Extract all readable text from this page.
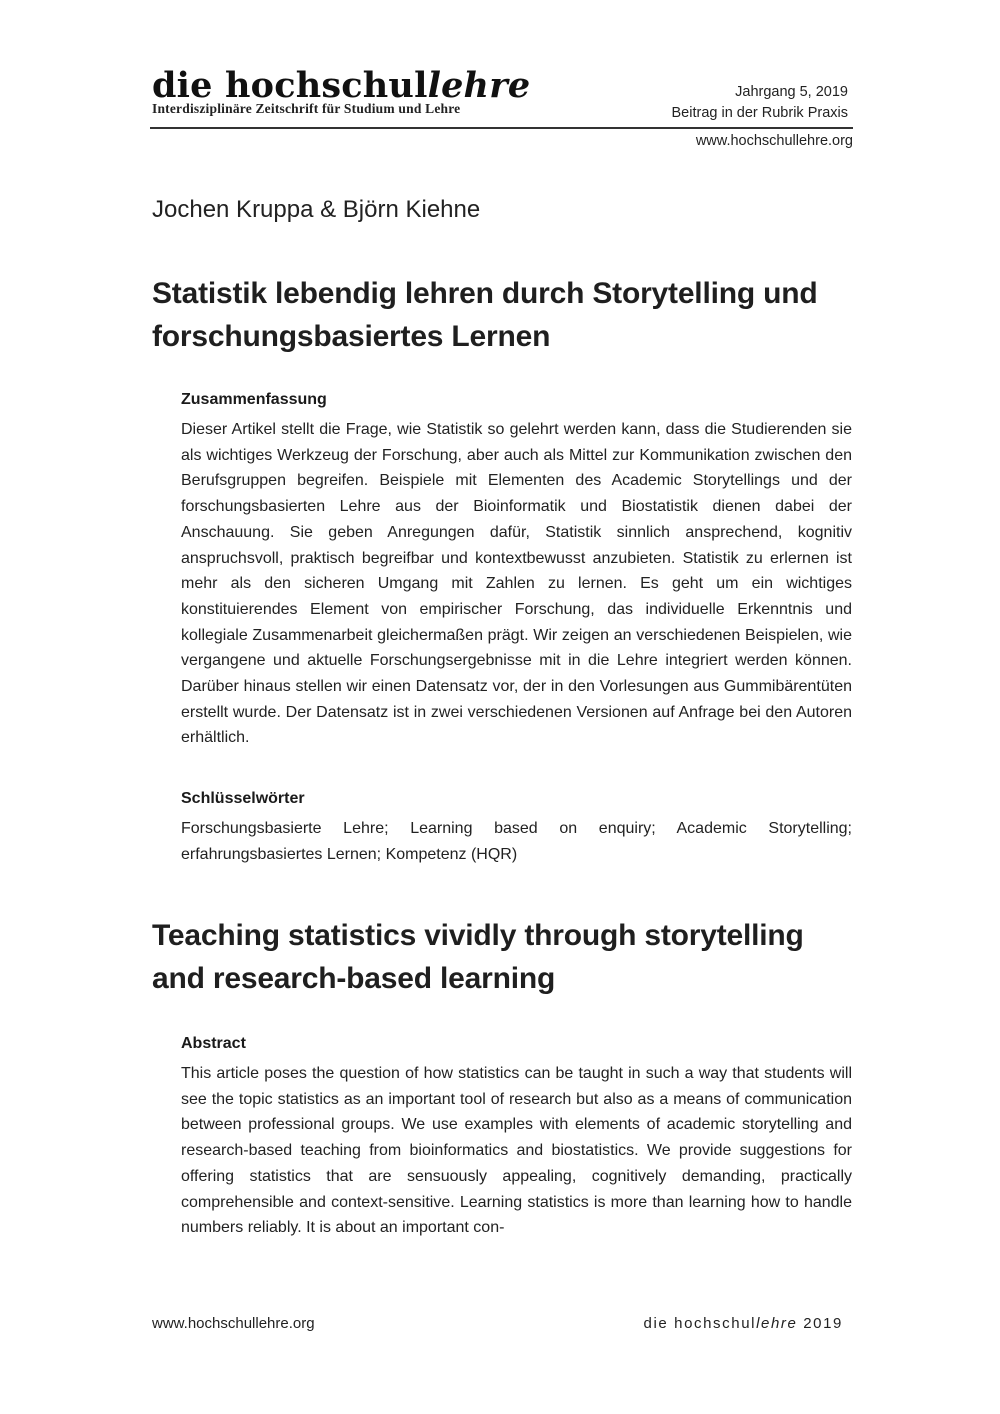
die hochschullehre
Interdisziplinäre Zeitschrift für Studium und Lehre
Jahrgang 5, 2019
Beitrag in der Rubrik Praxis
www.hochschullehre.org
Jochen Kruppa & Björn Kiehne
Statistik lebendig lehren durch Storytelling und forschungsbasiertes Lernen
Zusammenfassung

Dieser Artikel stellt die Frage, wie Statistik so gelehrt werden kann, dass die Studierenden sie als wichtiges Werkzeug der Forschung, aber auch als Mittel zur Kommunikation zwischen den Berufsgruppen begreifen. Beispiele mit Elementen des Academic Storytellings und der forschungsbasierten Lehre aus der Bioinformatik und Biostatistik dienen dabei der Anschauung. Sie geben Anregungen dafür, Statistik sinnlich ansprechend, kognitiv anspruchsvoll, praktisch begreifbar und kontextbewusst anzubieten. Statistik zu erlernen ist mehr als den sicheren Umgang mit Zahlen zu lernen. Es geht um ein wichtiges konstituierendes Element von empirischer Forschung, das individuelle Erkenntnis und kollegiale Zusammenarbeit gleichermaßen prägt. Wir zeigen an verschiedenen Beispielen, wie vergangene und aktuelle Forschungsergebnisse mit in die Lehre integriert werden können. Darüber hinaus stellen wir einen Datensatz vor, der in den Vorlesungen aus Gummibärentüten erstellt wurde. Der Datensatz ist in zwei verschiedenen Versionen auf Anfrage bei den Autoren erhältlich.

Schlüsselwörter

Forschungsbasierte Lehre; Learning based on enquiry; Academic Storytelling; erfahrungsbasiertes Lernen; Kompetenz (HQR)

Teaching statistics vividly through storytelling and research-based learning
Abstract

This article poses the question of how statistics can be taught in such a way that students will see the topic statistics as an important tool of research but also as a means of communication between professional groups. We use examples with elements of academic storytelling and research-based teaching from bioinformatics and biostatistics. We provide suggestions for offering statistics that are sensuously appealing, cognitively demanding, practically comprehensible and context-sensitive. Learning statistics is more than learning how to handle numbers reliably. It is about an important con-

www.hochschullehre.org	die hochschullehre 2019
